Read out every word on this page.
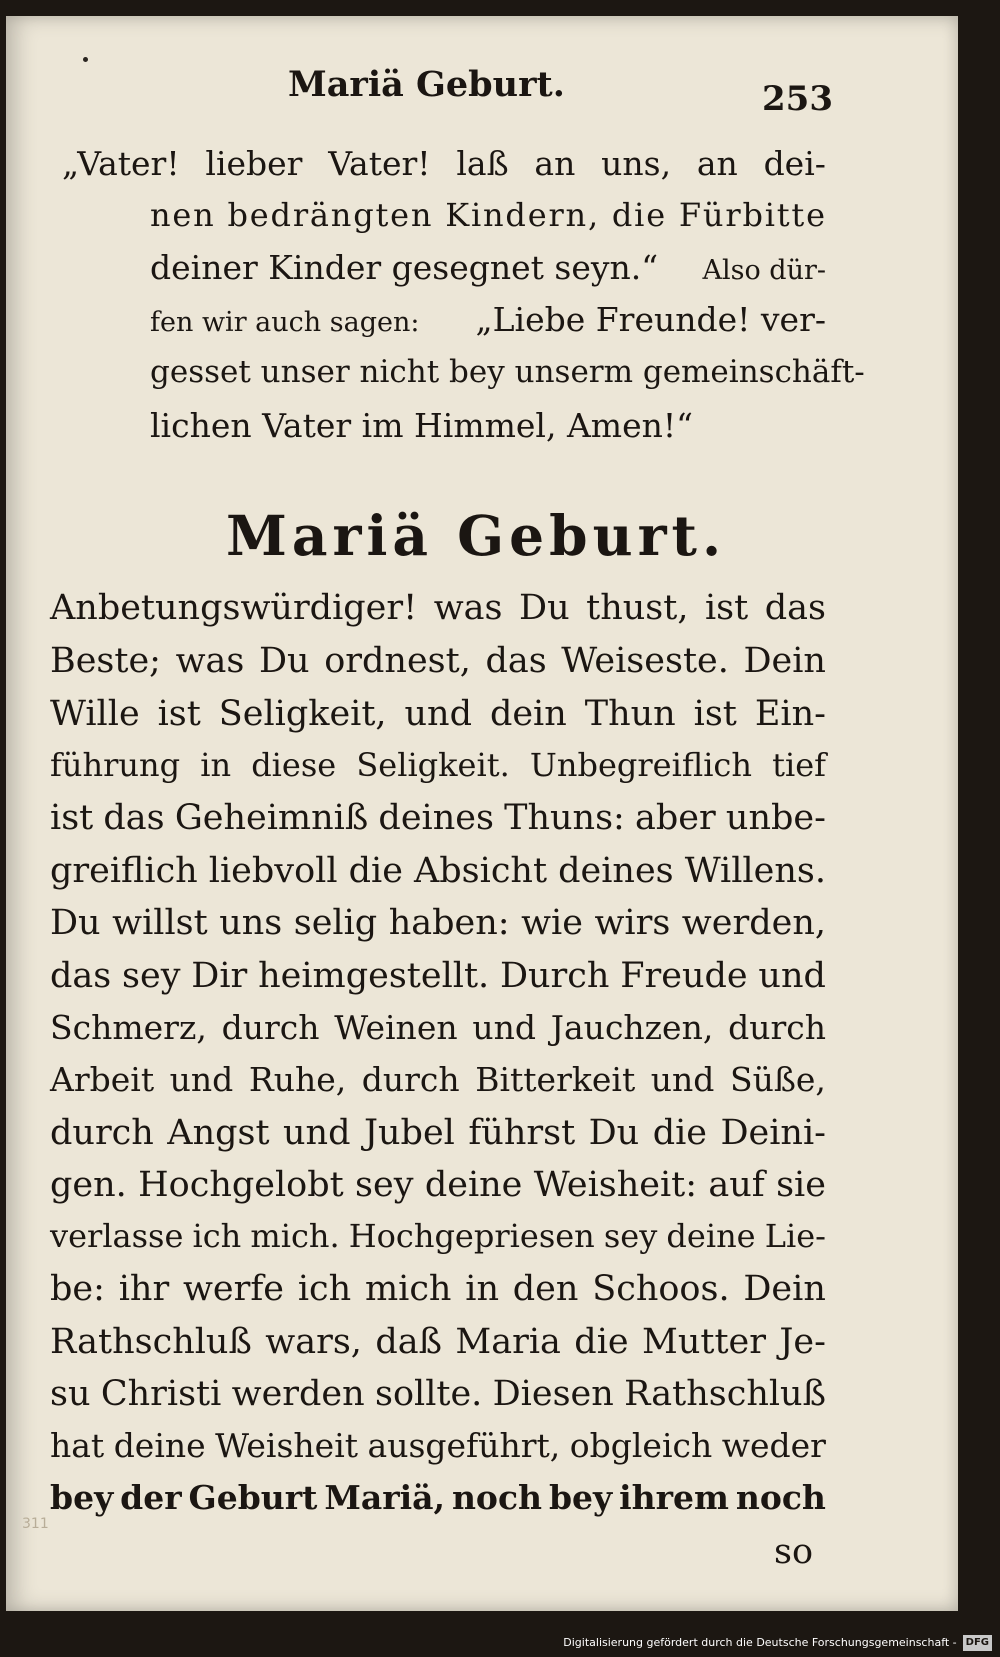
Mariä Geburt.	253
„Vater! lieber Vater! laß an uns, an dei-
nen bedrängten Kindern, die Fürbitte
deiner Kinder gesegnet seyn.“ Also dür-
fen wir auch sagen: „Liebe Freunde! ver-
gesset unser nicht bey unserm gemeinschäft-
lichen Vater im Himmel, Amen!“
Mariä Geburt.
Anbetungswürdiger! was Du thust, ist das
Beste; was Du ordnest, das Weiseste. Dein
Wille ist Seligkeit, und dein Thun ist Ein-
führung in diese Seligkeit. Unbegreiflich tief
ist das Geheimniß deines Thuns: aber unbe-
greiflich liebvoll die Absicht deines Willens.
Du willst uns selig haben: wie wirs werden,
das sey Dir heimgestellt. Durch Freude und
Schmerz, durch Weinen und Jauchzen, durch
Arbeit und Ruhe, durch Bitterkeit und Süße,
durch Angst und Jubel führst Du die Deini-
gen. Hochgelobt sey deine Weisheit: auf sie
verlasse ich mich. Hochgepriesen sey deine Lie-
be: ihr werfe ich mich in den Schoos. Dein
Rathschluß wars, daß Maria die Mutter Je-
su Christi werden sollte. Diesen Rathschluß
hat deine Weisheit ausgeführt, obgleich weder
bey der Geburt Mariä, noch bey ihrem noch
311
so
Digitalisierung gefördert durch die Deutsche Forschungsgemeinschaft - DFG
